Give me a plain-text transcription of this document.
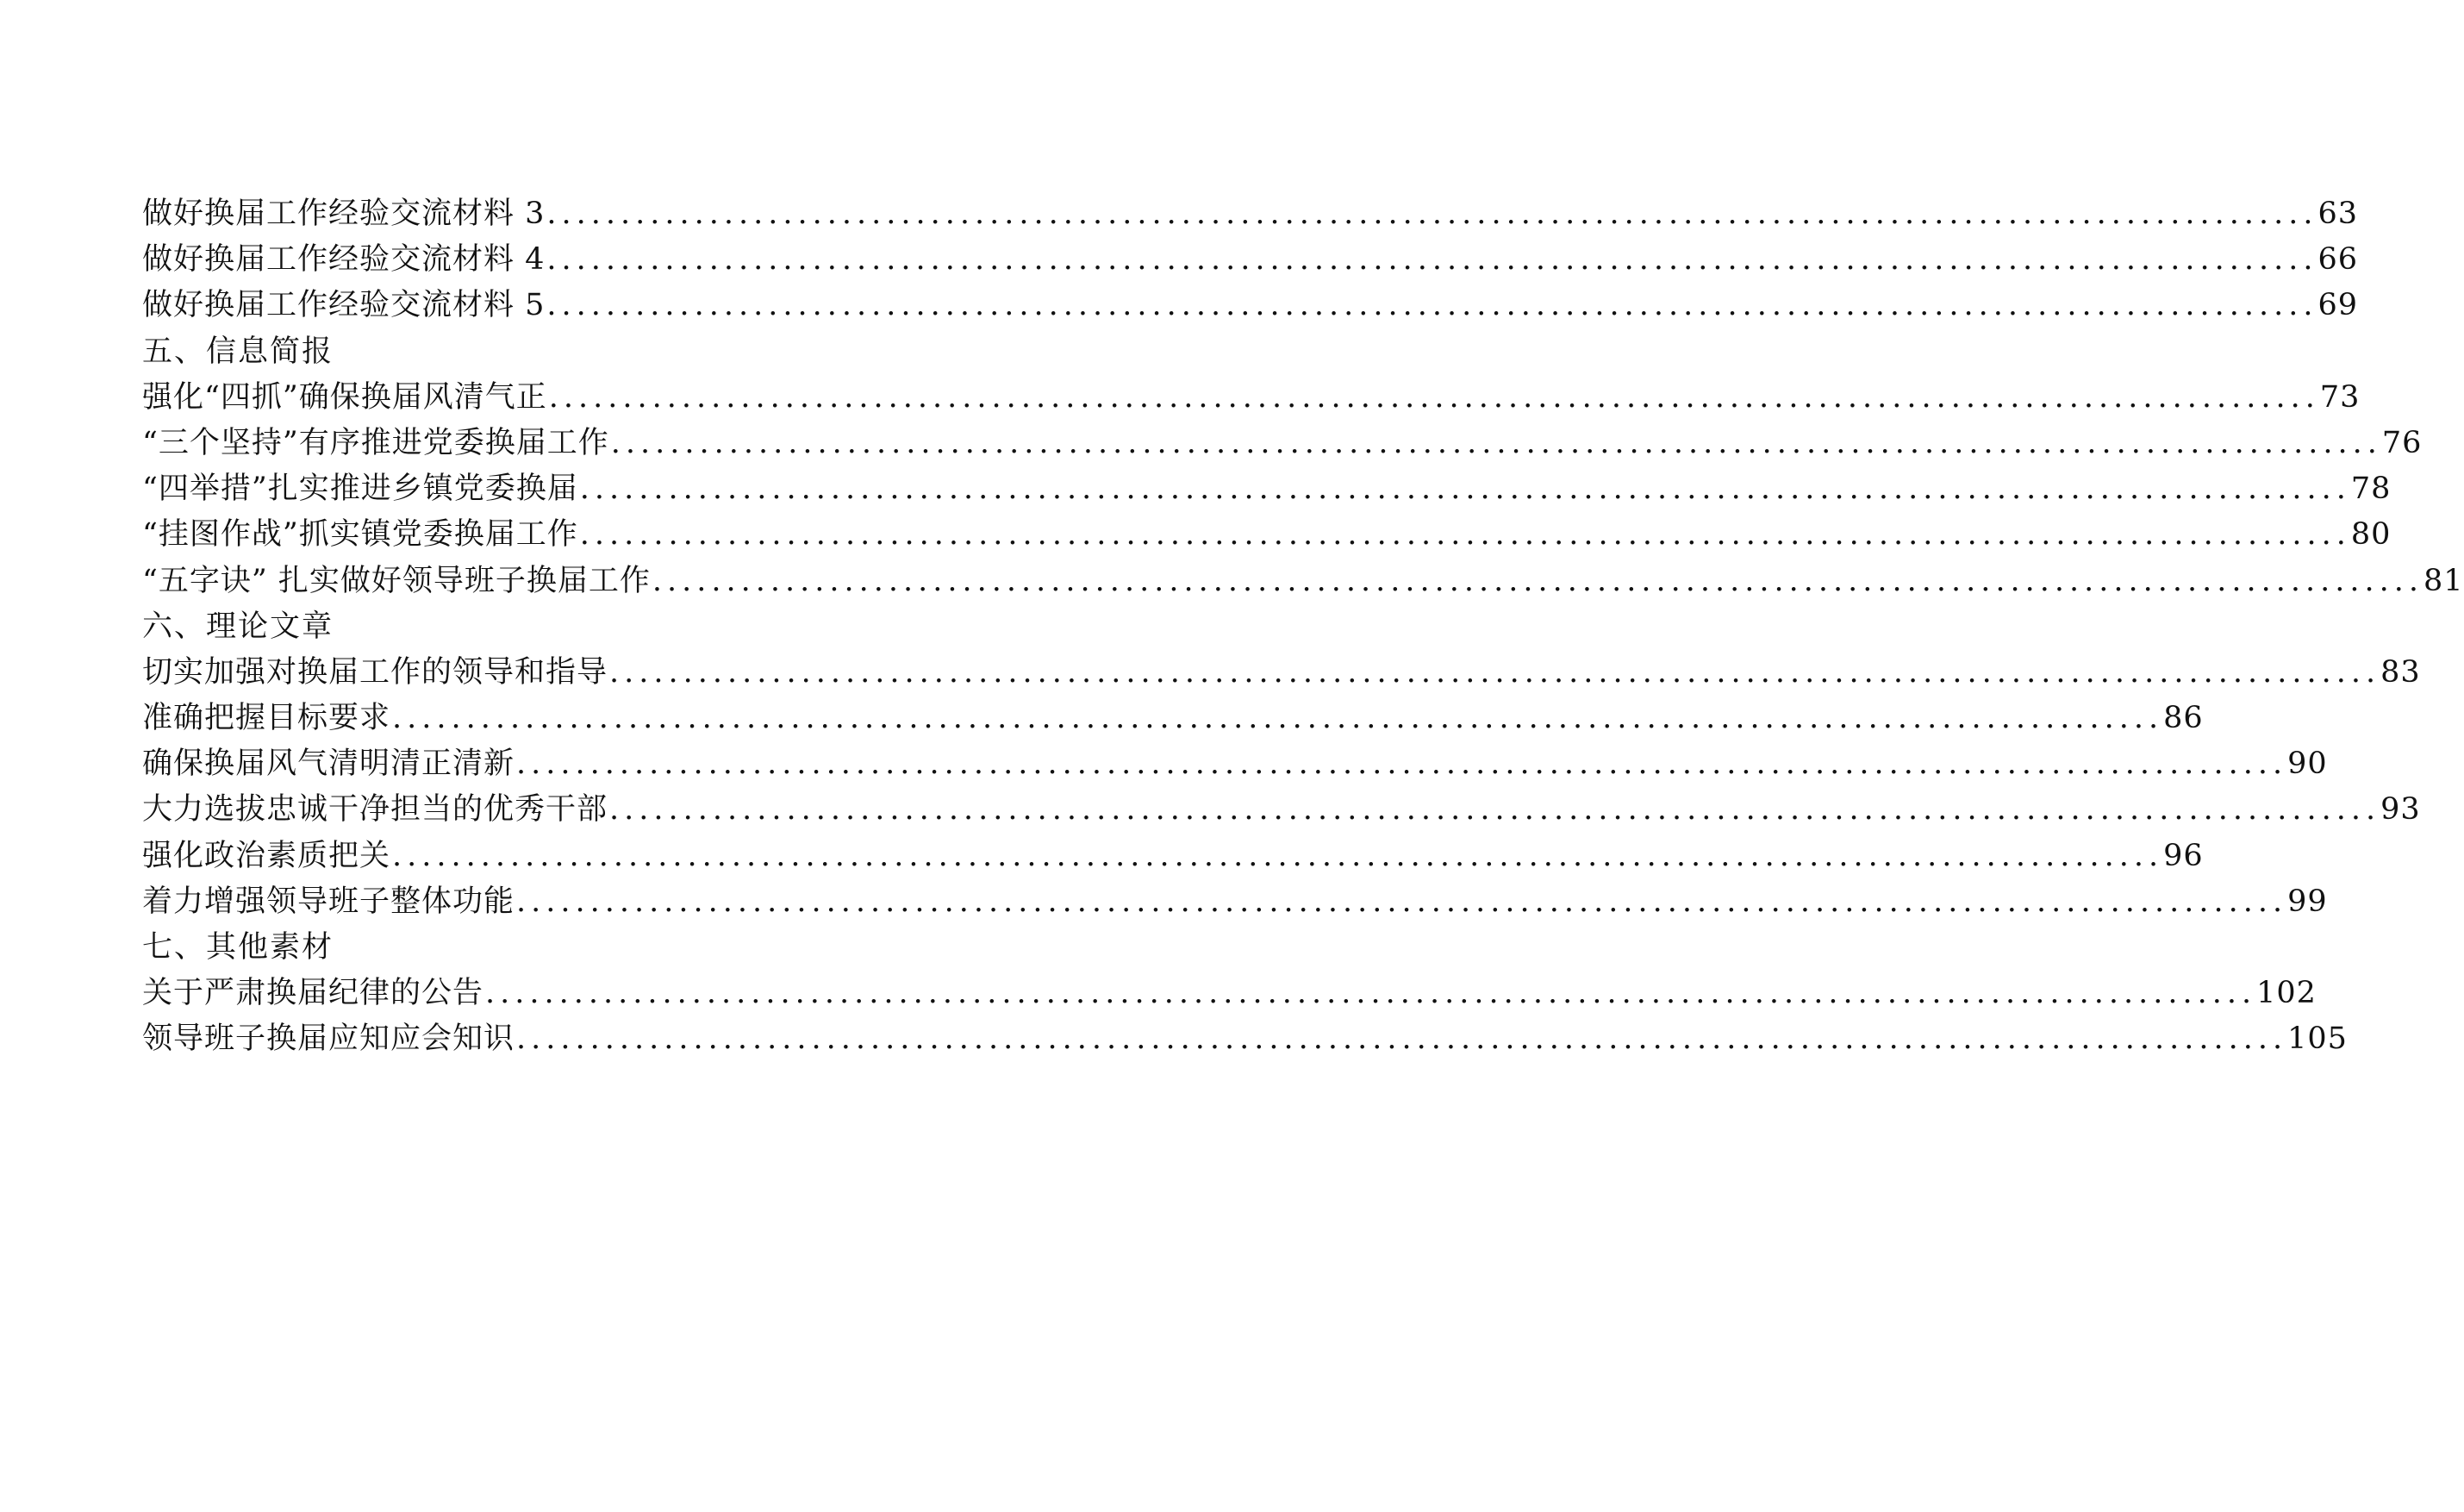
做好换届工作经验交流材料 3 ........................................................................................................................ 63
做好换届工作经验交流材料 4 ........................................................................................................................ 66
做好换届工作经验交流材料 5 ........................................................................................................................ 69
五、信息简报
强化“四抓”确保换届风清气正 ........................................................................................................................ 73
“三个坚持”有序推进党委换届工作 ........................................................................................................................ 76
“四举措”扎实推进乡镇党委换届 ........................................................................................................................ 78
“挂图作战”抓实镇党委换届工作 ........................................................................................................................ 80
“五字诀” 扎实做好领导班子换届工作 ........................................................................................................................ 81
六、理论文章
切实加强对换届工作的领导和指导 ........................................................................................................................ 83
准确把握目标要求 ........................................................................................................................ 86
确保换届风气清明清正清新 ........................................................................................................................ 90
大力选拔忠诚干净担当的优秀干部 ........................................................................................................................ 93
强化政治素质把关 ........................................................................................................................ 96
着力增强领导班子整体功能 ........................................................................................................................ 99
七、其他素材
关于严肃换届纪律的公告 ........................................................................................................................ 102
领导班子换届应知应会知识 ........................................................................................................................ 105
